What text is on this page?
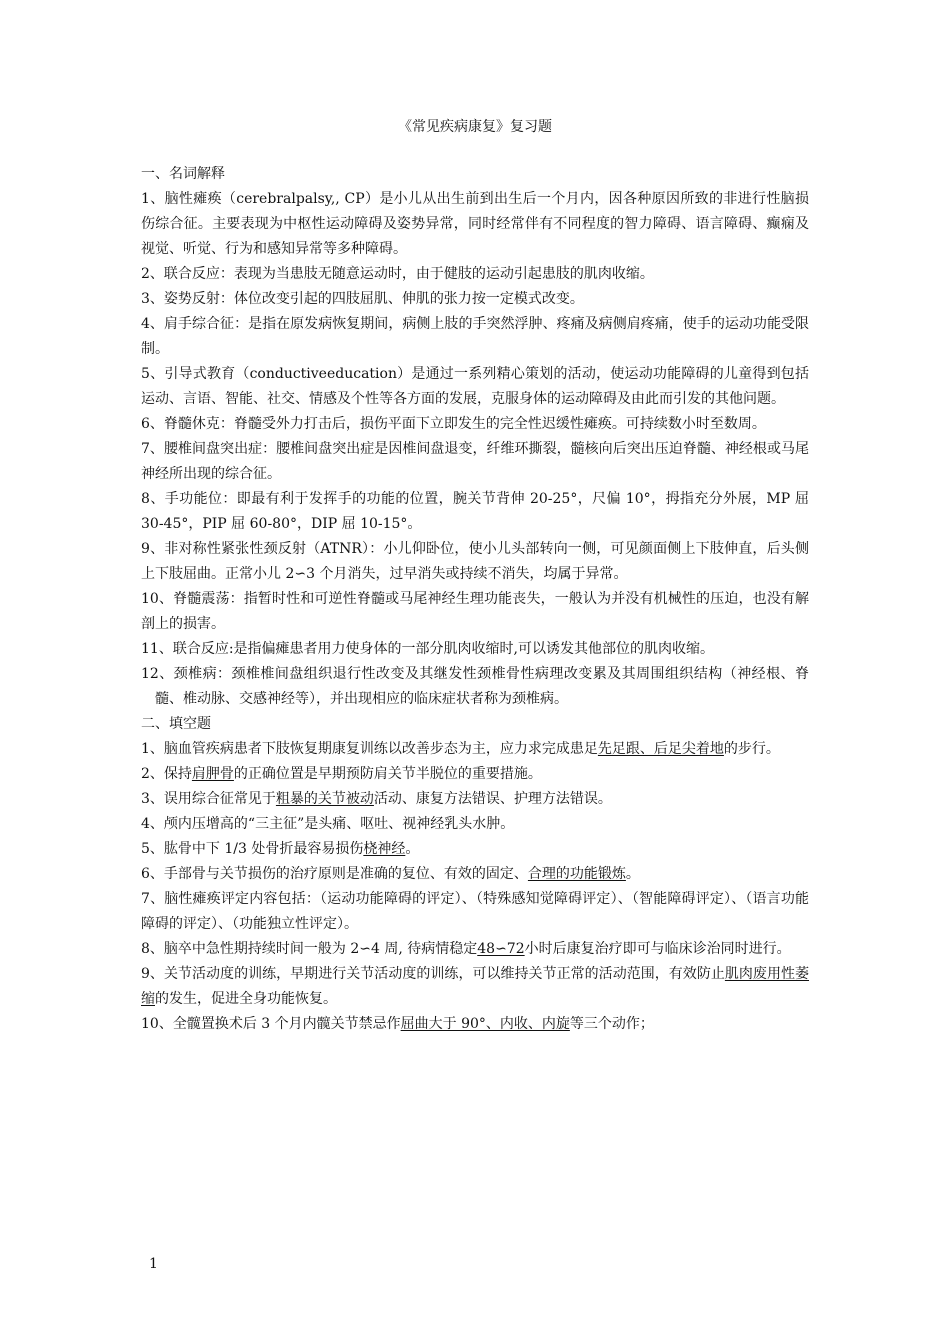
《常见疾病康复》复习题

一、名词解释

1、脑性瘫痪（cerebralpalsy,, CP）是小儿从出生前到出生后一个月内，因各种原因所致的非进行性脑损伤综合征。主要表现为中枢性运动障碍及姿势异常，同时经常伴有不同程度的智力障碍、语言障碍、癫痫及视觉、听觉、行为和感知异常等多种障碍。

2、联合反应：表现为当患肢无随意运动时，由于健肢的运动引起患肢的肌肉收缩。

3、姿势反射：体位改变引起的四肢屈肌、伸肌的张力按一定模式改变。

4、肩手综合征：是指在原发病恢复期间，病侧上肢的手突然浮肿、疼痛及病侧肩疼痛，使手的运动功能受限制。

5、引导式教育（conductiveeducation）是通过一系列精心策划的活动，使运动功能障碍的儿童得到包括运动、言语、智能、社交、情感及个性等各方面的发展，克服身体的运动障碍及由此而引发的其他问题。

6、脊髓休克：脊髓受外力打击后，损伤平面下立即发生的完全性迟缓性瘫痪。可持续数小时至数周。

7、腰椎间盘突出症：腰椎间盘突出症是因椎间盘退变，纤维环撕裂，髓核向后突出压迫脊髓、神经根或马尾神经所出现的综合征。

8、手功能位：即最有利于发挥手的功能的位置，腕关节背伸 20-25°，尺偏 10°，拇指充分外展，MP 屈 30-45°，PIP 屈 60-80°，DIP 屈 10-15°。

9、非对称性紧张性颈反射（ATNR）：小儿仰卧位，使小儿头部转向一侧，可见颜面侧上下肢伸直，后头侧上下肢屈曲。正常小儿 2∽3 个月消失，过早消失或持续不消失，均属于异常。

10、脊髓震荡：指暂时性和可逆性脊髓或马尾神经生理功能丧失，一般认为并没有机械性的压迫，也没有解剖上的损害。

11、联合反应:是指偏瘫患者用力使身体的一部分肌肉收缩时,可以诱发其他部位的肌肉收缩。

12、颈椎病：颈椎椎间盘组织退行性改变及其继发性颈椎骨性病理改变累及其周围组织结构（神经根、脊髓、椎动脉、交感神经等），并出现相应的临床症状者称为颈椎病。

二、填空题

1、脑血管疾病患者下肢恢复期康复训练以改善步态为主，应力求完成患足先足跟、后足尖着地的步行。

2、保持肩胛骨的正确位置是早期预防肩关节半脱位的重要措施。

3、误用综合征常见于粗暴的关节被动活动、康复方法错误、护理方法错误。

4、颅内压增高的“三主征”是头痛、呕吐、视神经乳头水肿。

5、肱骨中下 1/3 处骨折最容易损伤桡神经。

6、手部骨与关节损伤的治疗原则是准确的复位、有效的固定、合理的功能锻炼。

7、脑性瘫痪评定内容包括：（运动功能障碍的评定）、（特殊感知觉障碍评定）、（智能障碍评定）、（语言功能障碍的评定）、（功能独立性评定）。

8、脑卒中急性期持续时间一般为 2∽4 周, 待病情稳定48∽72小时后康复治疗即可与临床诊治同时进行。

9、关节活动度的训练，早期进行关节活动度的训练，可以维持关节正常的活动范围，有效防止肌肉废用性萎缩的发生，促进全身功能恢复。

10、全髋置换术后 3 个月内髋关节禁忌作屈曲大于 90°、内收、内旋等三个动作；

1
